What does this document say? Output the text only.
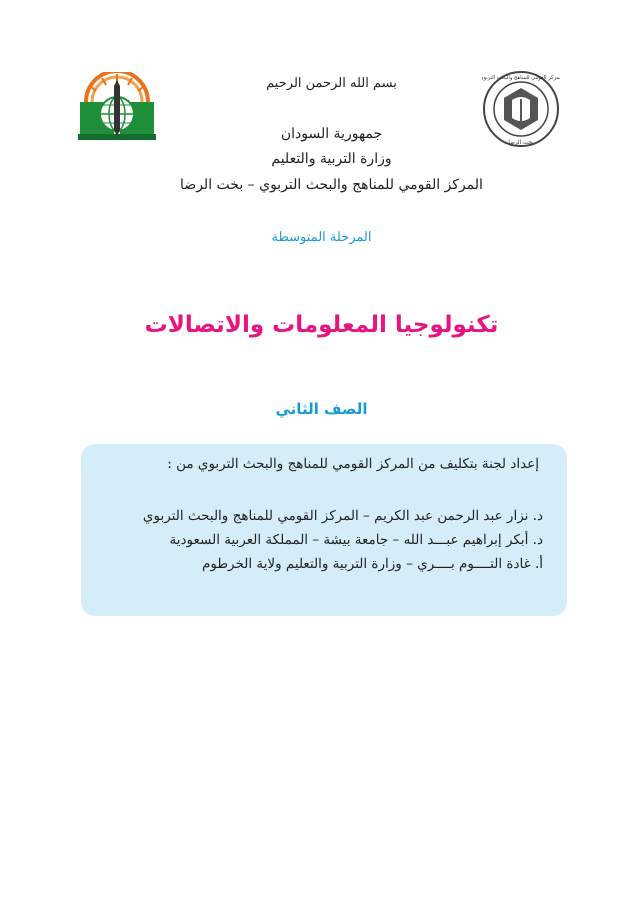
المركز القومي للمناهج والبحث التربوي
بخت الرضا
بسم الله الرحمن الرحيم
جمهورية السودان
وزارة التربية والتعليم
المركز القومي للمناهج والبحث التربوي – بخت الرضا
المرحلة المتوسطة
تكنولوجيا المعلومات والاتصالات
الصف الثاني
إعداد لجنة بتكليف من المركز القومي للمناهج والبحث التربوي من :
د. نزار عبد الرحمن عبد الكريم – المركز القومي للمناهج والبحث التربوي
د. أبكر إبراهيم عبـــد الله – جامعة بيشة – المملكة العربية السعودية
أ. غادة التــــوم بــــري – وزارة التربية والتعليم ولاية الخرطوم
